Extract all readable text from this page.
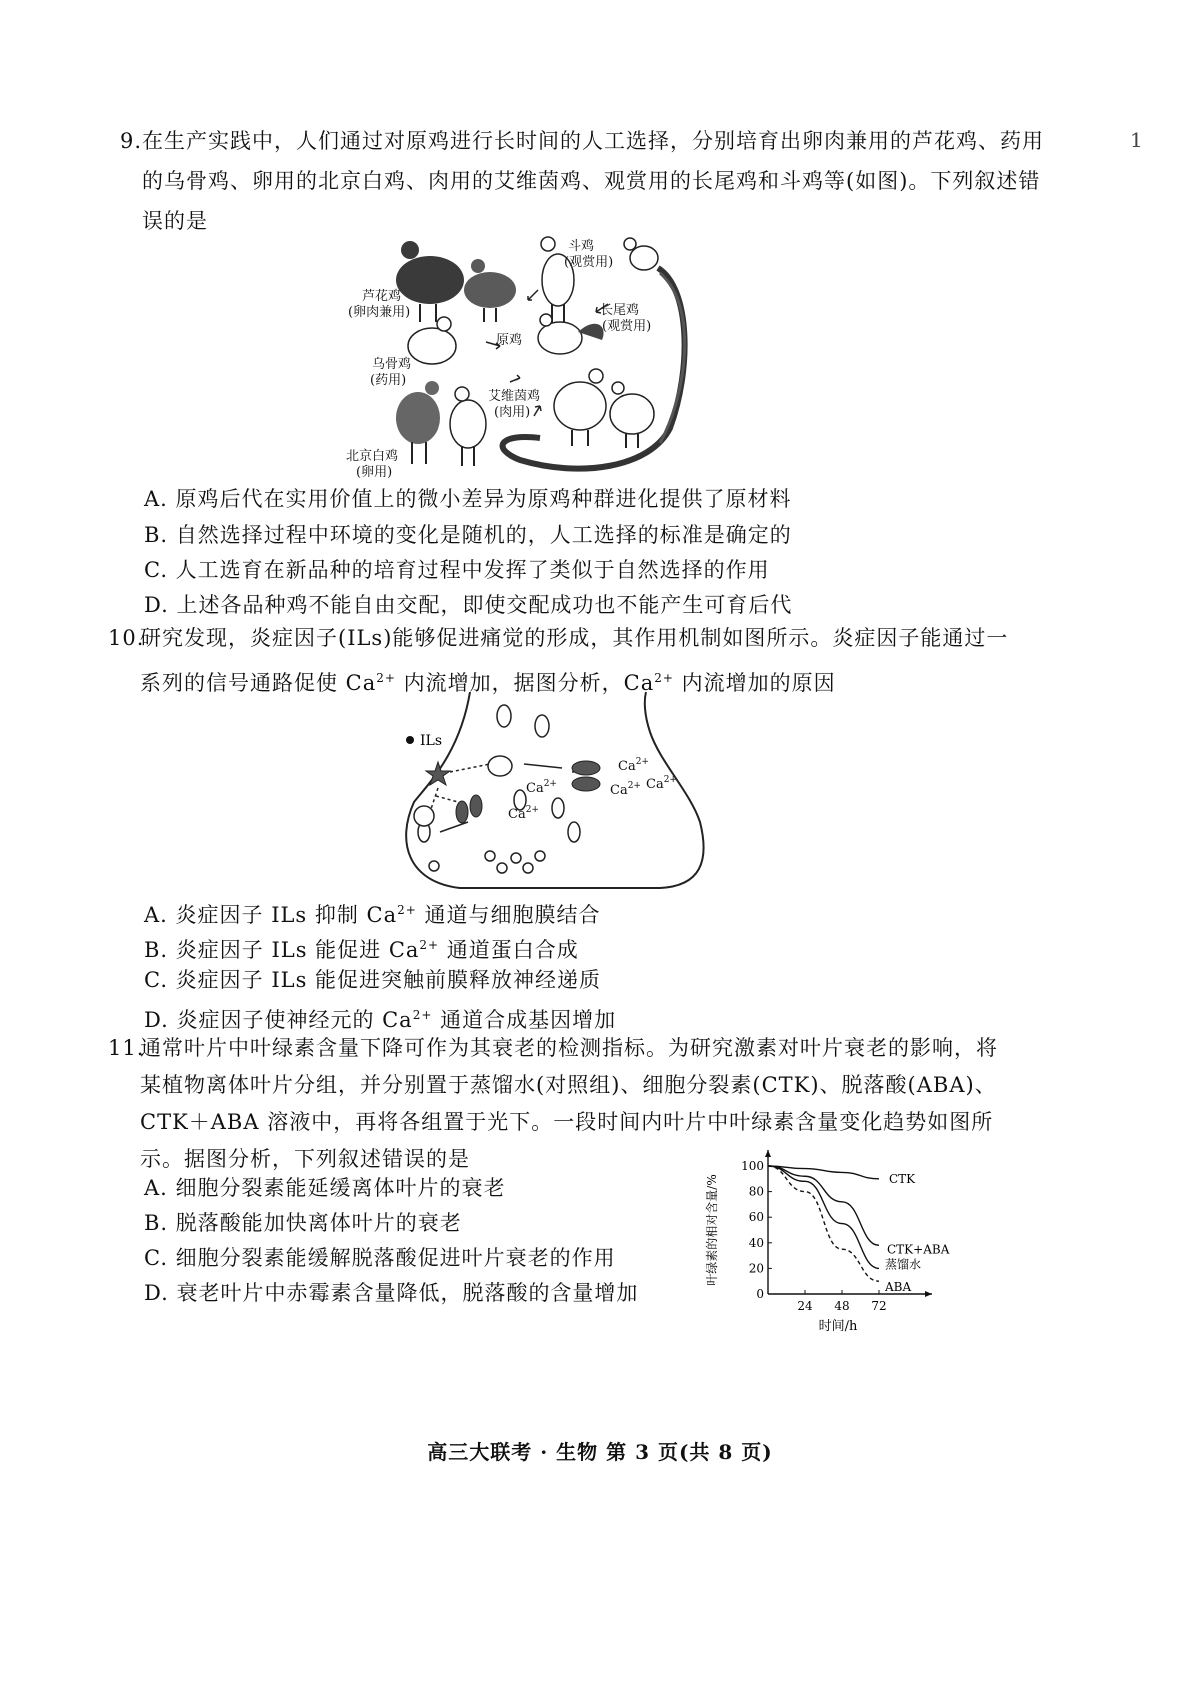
1
9. 在生产实践中，人们通过对原鸡进行长时间的人工选择，分别培育出卵肉兼用的芦花鸡、药用
的乌骨鸡、卵用的北京白鸡、肉用的艾维茵鸡、观赏用的长尾鸡和斗鸡等(如图)。下列叙述错
误的是
斗鸡
(观赏用)
芦花鸡
(卵肉兼用)	长尾鸡
(观赏用)
原鸡
乌骨鸡
(药用)
艾维茵鸡
(肉用)
北京白鸡
(卵用)
A. 原鸡后代在实用价值上的微小差异为原鸡种群进化提供了原材料
B. 自然选择过程中环境的变化是随机的，人工选择的标准是确定的
C. 人工选育在新品种的培育过程中发挥了类似于自然选择的作用
D. 上述各品种鸡不能自由交配，即使交配成功也不能产生可育后代
10.
研究发现，炎症因子(ILs)能够促进痛觉的形成，其作用机制如图所示。炎症因子能通过一
系列的信号通路促使 $Ca^{2+}$ 内流增加，据图分析，$Ca^{2+}$ 内流增加的原因
ILs
$Ca^{2+}$
$Ca^{2+}$
$Ca^{2+}$
$Ca^{2+}$
$Ca^{2+}$
A. 炎症因子 ILs 抑制 $Ca^{2+}$ 通道与细胞膜结合
B. 炎症因子 ILs 能促进 $Ca^{2+}$ 通道蛋白合成
C. 炎症因子 ILs 能促进突触前膜释放神经递质
D. 炎症因子使神经元的 $Ca^{2+}$ 通道合成基因增加
11.
通常叶片中叶绿素含量下降可作为其衰老的检测指标。为研究激素对叶片衰老的影响，将
某植物离体叶片分组，并分别置于蒸馏水(对照组)、细胞分裂素(CTK)、脱落酸(ABA)、
CTK＋ABA 溶液中，再将各组置于光下。一段时间内叶片中叶绿素含量变化趋势如图所
示。据图分析，下列叙述错误的是
A. 细胞分裂素能延缓离体叶片的衰老
B. 脱落酸能加快离体叶片的衰老
C. 细胞分裂素能缓解脱落酸促进叶片衰老的作用
D. 衰老叶片中赤霉素含量降低，脱落酸的含量增加	0
20
40
60
80
100
24 48 72
时间/h
叶绿素的相对含量/%	CTK
CTK+ABA
蒸馏水
ABA
高三大联考 · 生物 第 3 页(共 8 页)
